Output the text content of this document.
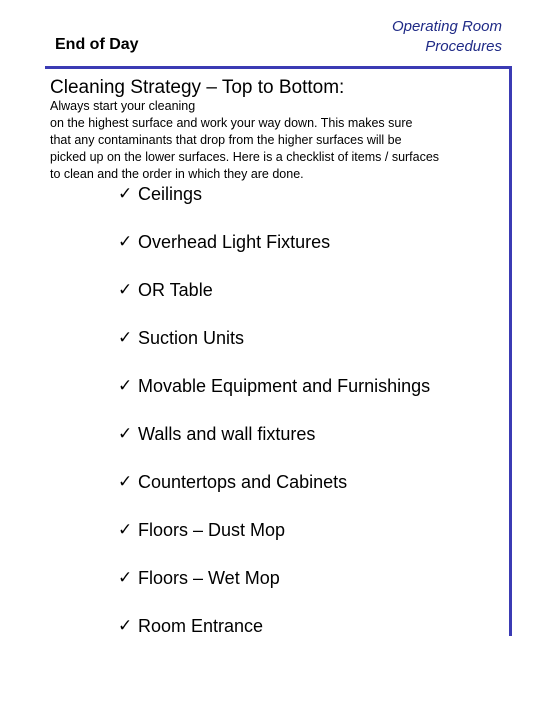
End of Day
Operating Room
Procedures
Cleaning Strategy – Top to Bottom:
Always start your cleaning
on the highest surface and work your way down. This makes sure
that any contaminants that drop from the higher surfaces will be
picked up on the lower surfaces. Here is a checklist of items / surfaces
to clean and the order in which they are done.
✓ Ceilings
✓ Overhead Light Fixtures
✓ OR Table
✓ Suction Units
✓ Movable Equipment and Furnishings
✓ Walls and wall fixtures
✓ Countertops and Cabinets
✓ Floors – Dust Mop
✓ Floors – Wet Mop
✓ Room Entrance
